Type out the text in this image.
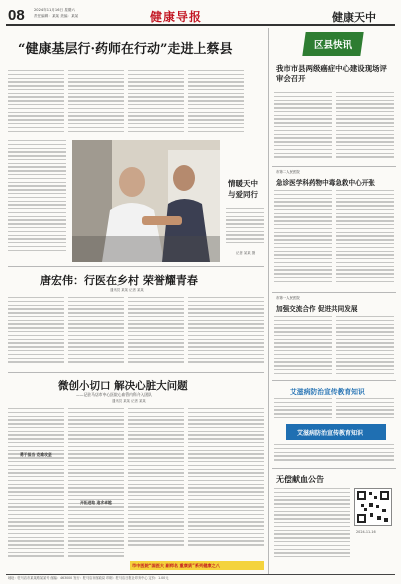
08	2024年11月16日 星期六
责任编辑：某某 美编：某某	健康导报	健康天中
“健康基层行·药师在行动”走进上蔡县
情暖天中
与爱同行
记者 某某 摄
唐宏伟：行医在乡村 荣誉耀青春
通讯员 某某 记者 某某
微创小切口 解决心脏大问题
——记驻马店市中心医院心血管内科介入团队
通讯员 某某 记者 某某
勇于担当 克难攻坚
开拓进取 追求卓越
市中医院“国医大 副师名 重康质”系列健康之八
区县快讯
我市市县两级癌症中心建设现场评审会召开
市第二人民医院
急诊医学科药物中毒急救中心开张
市第一人民医院
加强交流合作 促进共同发展
艾滋病防治宣传教育知识
艾滋病防治宣传教育知识
无偿献血公告
2024-11-16
地址：驻马店市某某路某某号 邮编：463000 发行：驻马店市邮政局 印刷：驻马店日报社印务中心 定价：1.00元
